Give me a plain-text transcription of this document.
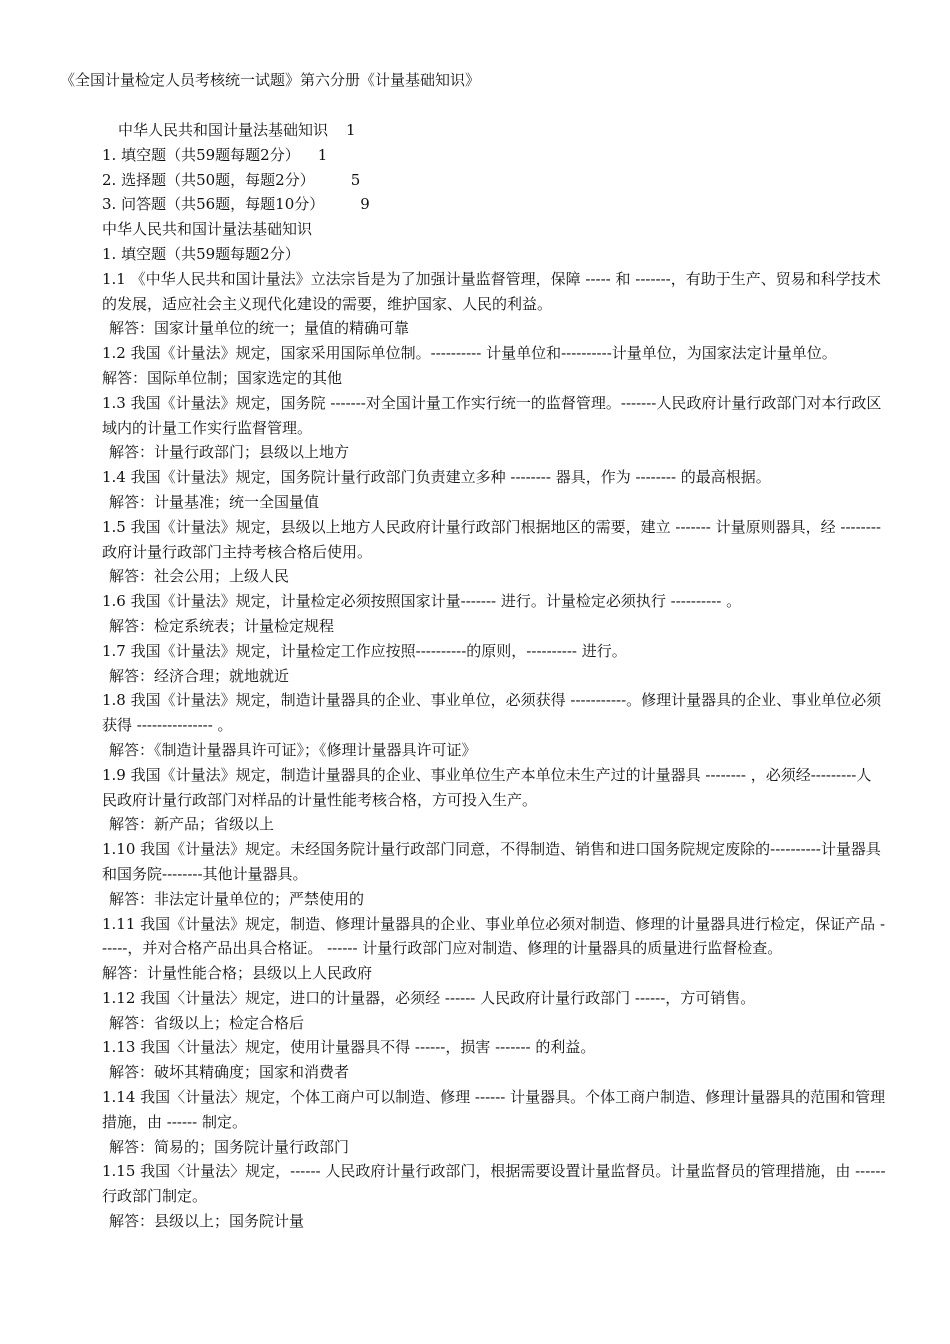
《全国计量检定人员考核统一试题》第六分册《计量基础知识》
中华人民共和国计量法基础知识 1
1. 填空题（共59题每题2分） 1
2. 选择题（共50题，每题2分） 5
3. 问答题（共56题，每题10分） 9
中华人民共和国计量法基础知识
1. 填空题（共59题每题2分）
1.1 《中华人民共和国计量法》立法宗旨是为了加强计量监督管理，保障 ----- 和 -------，有助于生产、贸易和科学技术的发展，适应社会主义现代化建设的需要，维护国家、人民的利益。
解答：国家计量单位的统一；量值的精确可靠
1.2 我国《计量法》规定，国家采用国际单位制。---------- 计量单位和----------计量单位，为国家法定计量单位。
解答：国际单位制；国家选定的其他
1.3 我国《计量法》规定，国务院 -------对全国计量工作实行统一的监督管理。-------人民政府计量行政部门对本行政区域内的计量工作实行监督管理。
解答：计量行政部门；县级以上地方
1.4 我国《计量法》规定，国务院计量行政部门负责建立多种 -------- 器具，作为 -------- 的最高根据。
解答：计量基准；统一全国量值
1.5 我国《计量法》规定，县级以上地方人民政府计量行政部门根据地区的需要，建立 ------- 计量原则器具，经 -------- 政府计量行政部门主持考核合格后使用。
解答：社会公用；上级人民
1.6 我国《计量法》规定，计量检定必须按照国家计量------- 进行。计量检定必须执行 ---------- 。
解答：检定系统表；计量检定规程
1.7 我国《计量法》规定，计量检定工作应按照----------的原则，---------- 进行。
解答：经济合理；就地就近
1.8 我国《计量法》规定，制造计量器具的企业、事业单位，必须获得 -----------。修理计量器具的企业、事业单位必须获得 --------------- 。
解答：《制造计量器具许可证》；《修理计量器具许可证》
1.9 我国《计量法》规定，制造计量器具的企业、事业单位生产本单位未生产过的计量器具 -------- ，必须经---------人民政府计量行政部门对样品的计量性能考核合格，方可投入生产。
解答：新产品；省级以上
1.10 我国《计量法》规定。未经国务院计量行政部门同意，不得制造、销售和进口国务院规定废除的----------计量器具和国务院--------其他计量器具。
解答：非法定计量单位的；严禁使用的
1.11 我国《计量法》规定，制造、修理计量器具的企业、事业单位必须对制造、修理的计量器具进行检定，保证产品 ------，并对合格产品出具合格证。 ------ 计量行政部门应对制造、修理的计量器具的质量进行监督检查。
解答：计量性能合格；县级以上人民政府
1.12 我国〈计量法〉规定，进口的计量器，必须经 ------ 人民政府计量行政部门 ------，方可销售。
解答：省级以上；检定合格后
1.13 我国〈计量法〉规定，使用计量器具不得 ------，损害 ------- 的利益。
解答：破坏其精确度；国家和消费者
1.14 我国〈计量法〉规定，个体工商户可以制造、修理 ------ 计量器具。个体工商户制造、修理计量器具的范围和管理措施，由 ------ 制定。
解答：简易的；国务院计量行政部门
1.15 我国〈计量法〉规定，------ 人民政府计量行政部门，根据需要设置计量监督员。计量监督员的管理措施，由 ------ 行政部门制定。
解答：县级以上；国务院计量
